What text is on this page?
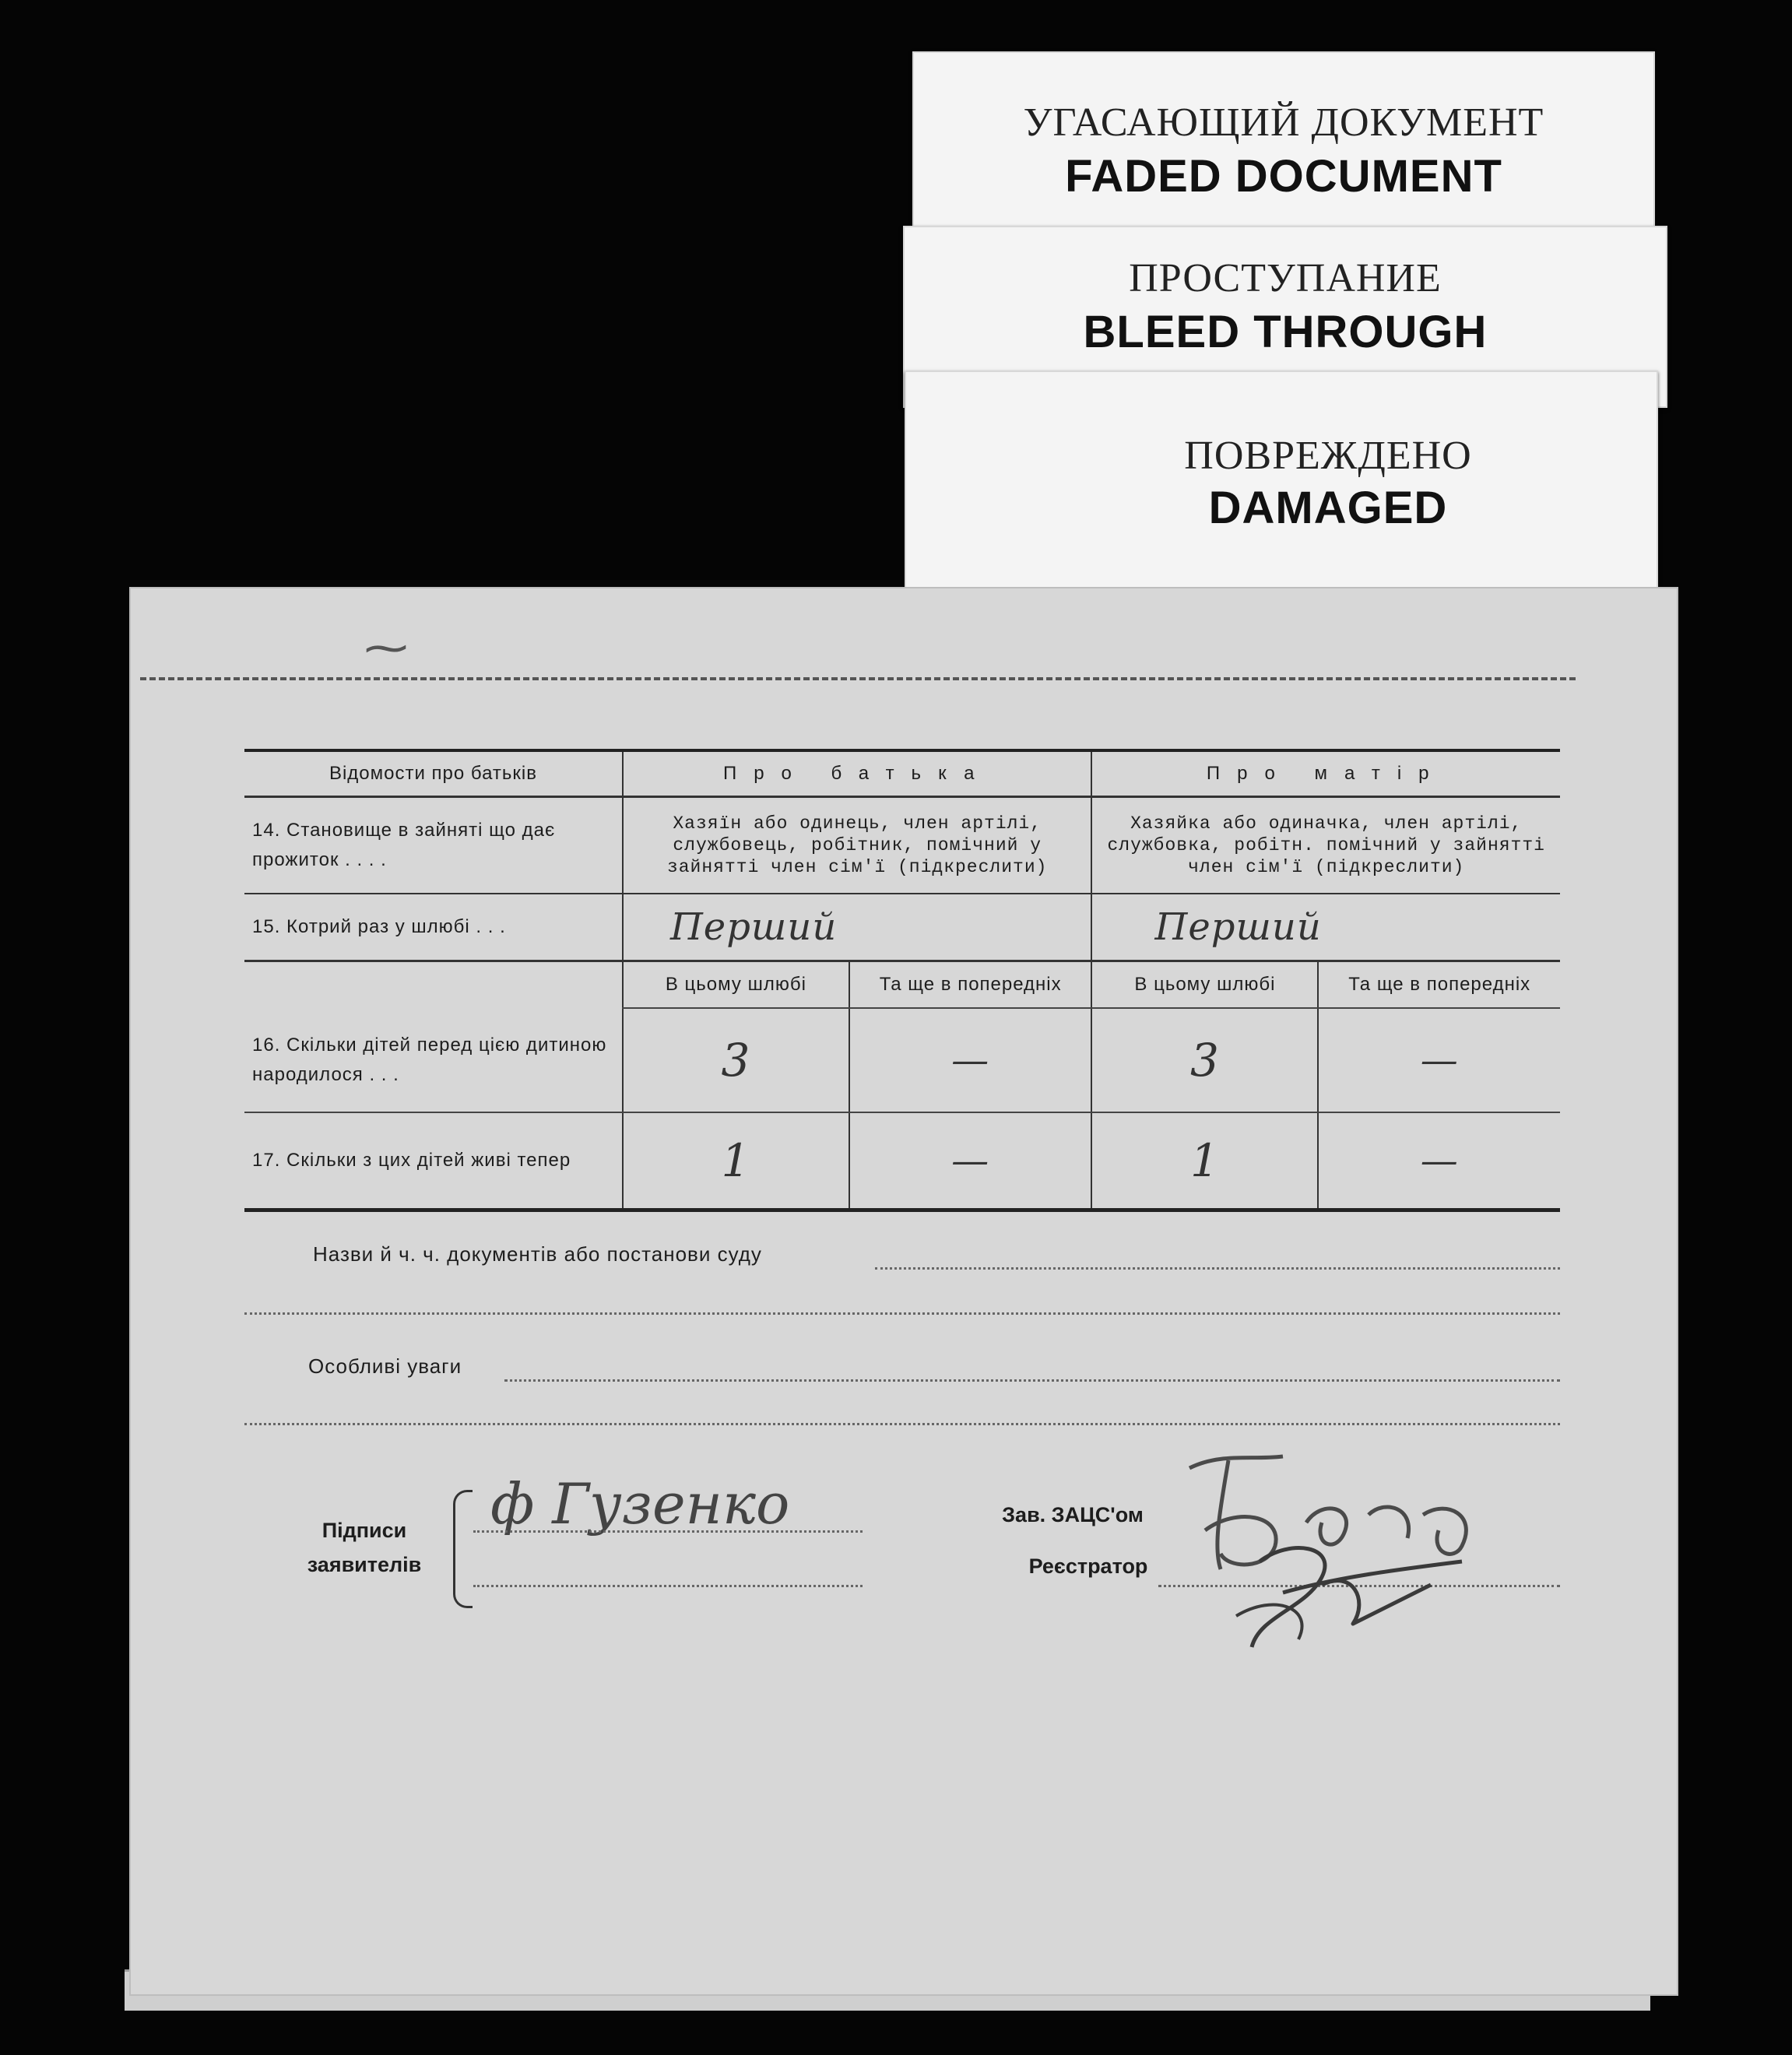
УГАСАЮЩИЙ ДОКУМЕНТ
FADED DOCUMENT
ПРОСТУПАНИЕ
BLEED THROUGH
ПОВРЕЖДЕНО
DAMAGED
⁓
Відомости про батьків	Про батька		Про матір	
14. Становище в зайняті що дає прожиток . . . .	Хазяїн або одинець, член артілі, службовець, робітник, помічний у зайнятті член сім'ї (підкреслити)		Хазяйка або одиначка, член артілі, службовка, робітн. помічний у зайнятті член сім'ї (підкреслити)	
15. Котрий раз у шлюбі . . .	Перший		Перший	
	В цьому шлюбі	Та ще в попередніх	В цьому шлюбі	Та ще в попередніх
16. Скільки дітей перед цією дитиною народилося . . .	3	—	3	—
17. Скільки з цих дітей живі тепер	1	—	1	—
Назви й ч. ч. документів або постанови суду
Особливі уваги
Підписи заявителів
ф Гузенко	Зав. ЗАЦС'ом
Реєстратор
